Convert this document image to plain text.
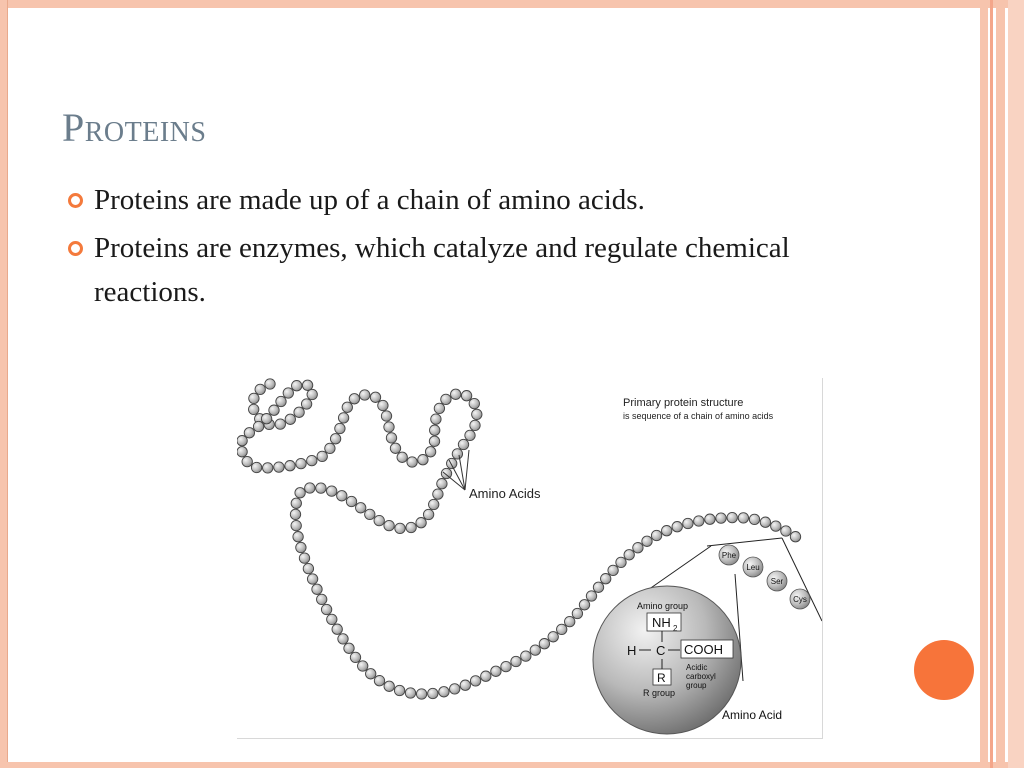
Proteins
Proteins are made up of a chain of amino acids.
Proteins are enzymes, which catalyze and regulate chemical reactions.
Amino Acids
Primary protein structure
is sequence of a chain of amino acids
Phe
Leu
Ser
Cys
Amino group
NH 2
H C COOH
R
Acidic
carboxyl
group
R group
Amino Acid
